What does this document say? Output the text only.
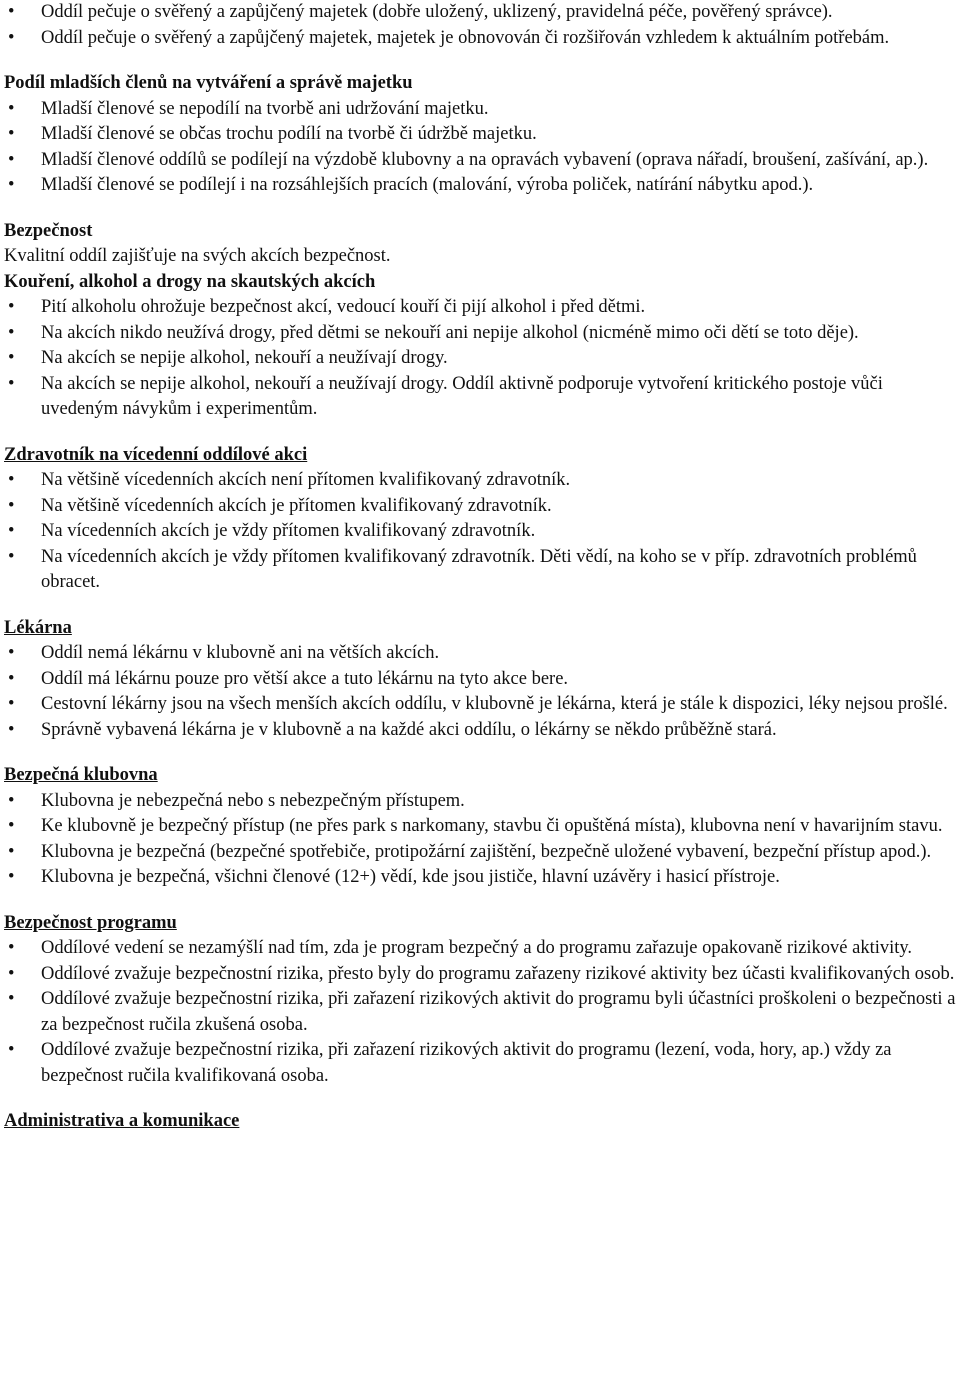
• Oddíl pečuje o svěřený a zapůjčený majetek (dobře uložený, uklizený, pravidelná péče, pověřený správce).
• Oddíl pečuje o svěřený a zapůjčený majetek, majetek je obnovován či rozšiřován vzhledem k aktuálním potřebám.
Podíl mladších členů na vytváření a správě majetku
• Mladší členové se nepodílí na tvorbě ani udržování majetku.
• Mladší členové se občas trochu podílí na tvorbě či údržbě majetku.
• Mladší členové oddílů se podílejí na výzdobě klubovny a na opravách vybavení (oprava nářadí, broušení, zašívání, ap.).
• Mladší členové se podílejí i na rozsáhlejších pracích (malování, výroba poliček, natírání nábytku apod.).
Bezpečnost
Kvalitní oddíl zajišťuje na svých akcích bezpečnost.
Kouření, alkohol a drogy na skautských akcích
• Pití alkoholu ohrožuje bezpečnost akcí, vedoucí kouří či pijí alkohol i před dětmi.
• Na akcích nikdo neužívá drogy, před dětmi se nekouří ani nepije alkohol (nicméně mimo oči dětí se toto děje).
• Na akcích se nepije alkohol, nekouří a neužívají drogy.
• Na akcích se nepije alkohol, nekouří a neužívají drogy. Oddíl aktivně podporuje vytvoření kritického postoje vůči uvedeným návykům i experimentům.
Zdravotník na vícedenní oddílové akci
• Na většině vícedenních akcích není přítomen kvalifikovaný zdravotník.
• Na většině vícedenních akcích je přítomen kvalifikovaný zdravotník.
• Na vícedenních akcích je vždy přítomen kvalifikovaný zdravotník.
• Na vícedenních akcích je vždy přítomen kvalifikovaný zdravotník. Děti vědí, na koho se v příp. zdravotních problémů obracet.
Lékárna
• Oddíl nemá lékárnu v klubovně ani na větších akcích.
• Oddíl má lékárnu pouze pro větší akce a tuto lékárnu na tyto akce bere.
• Cestovní lékárny jsou na všech menších akcích oddílu, v klubovně je lékárna, která je stále k dispozici, léky nejsou prošlé.
• Správně vybavená lékárna je v klubovně a na každé akci oddílu, o lékárny se někdo průběžně stará.
Bezpečná klubovna
• Klubovna je nebezpečná nebo s nebezpečným přístupem.
• Ke klubovně je bezpečný přístup (ne přes park s narkomany, stavbu či opuštěná místa), klubovna není v havarijním stavu.
• Klubovna je bezpečná (bezpečné spotřebiče, protipožární zajištění, bezpečně uložené vybavení, bezpeční přístup apod.).
• Klubovna je bezpečná, všichni členové (12+) vědí, kde jsou jističe, hlavní uzávěry i hasicí přístroje.
Bezpečnost programu
• Oddílové vedení se nezamýšlí nad tím, zda je program bezpečný a do programu zařazuje opakovaně rizikové aktivity.
• Oddílové zvažuje bezpečnostní rizika, přesto byly do programu zařazeny rizikové aktivity bez účasti kvalifikovaných osob.
• Oddílové zvažuje bezpečnostní rizika, při zařazení rizikových aktivit do programu byli účastníci proškoleni o bezpečnosti a za bezpečnost ručila zkušená osoba.
• Oddílové zvažuje bezpečnostní rizika, při zařazení rizikových aktivit do programu (lezení, voda, hory, ap.) vždy za bezpečnost ručila kvalifikovaná osoba.
Administrativa a komunikace
